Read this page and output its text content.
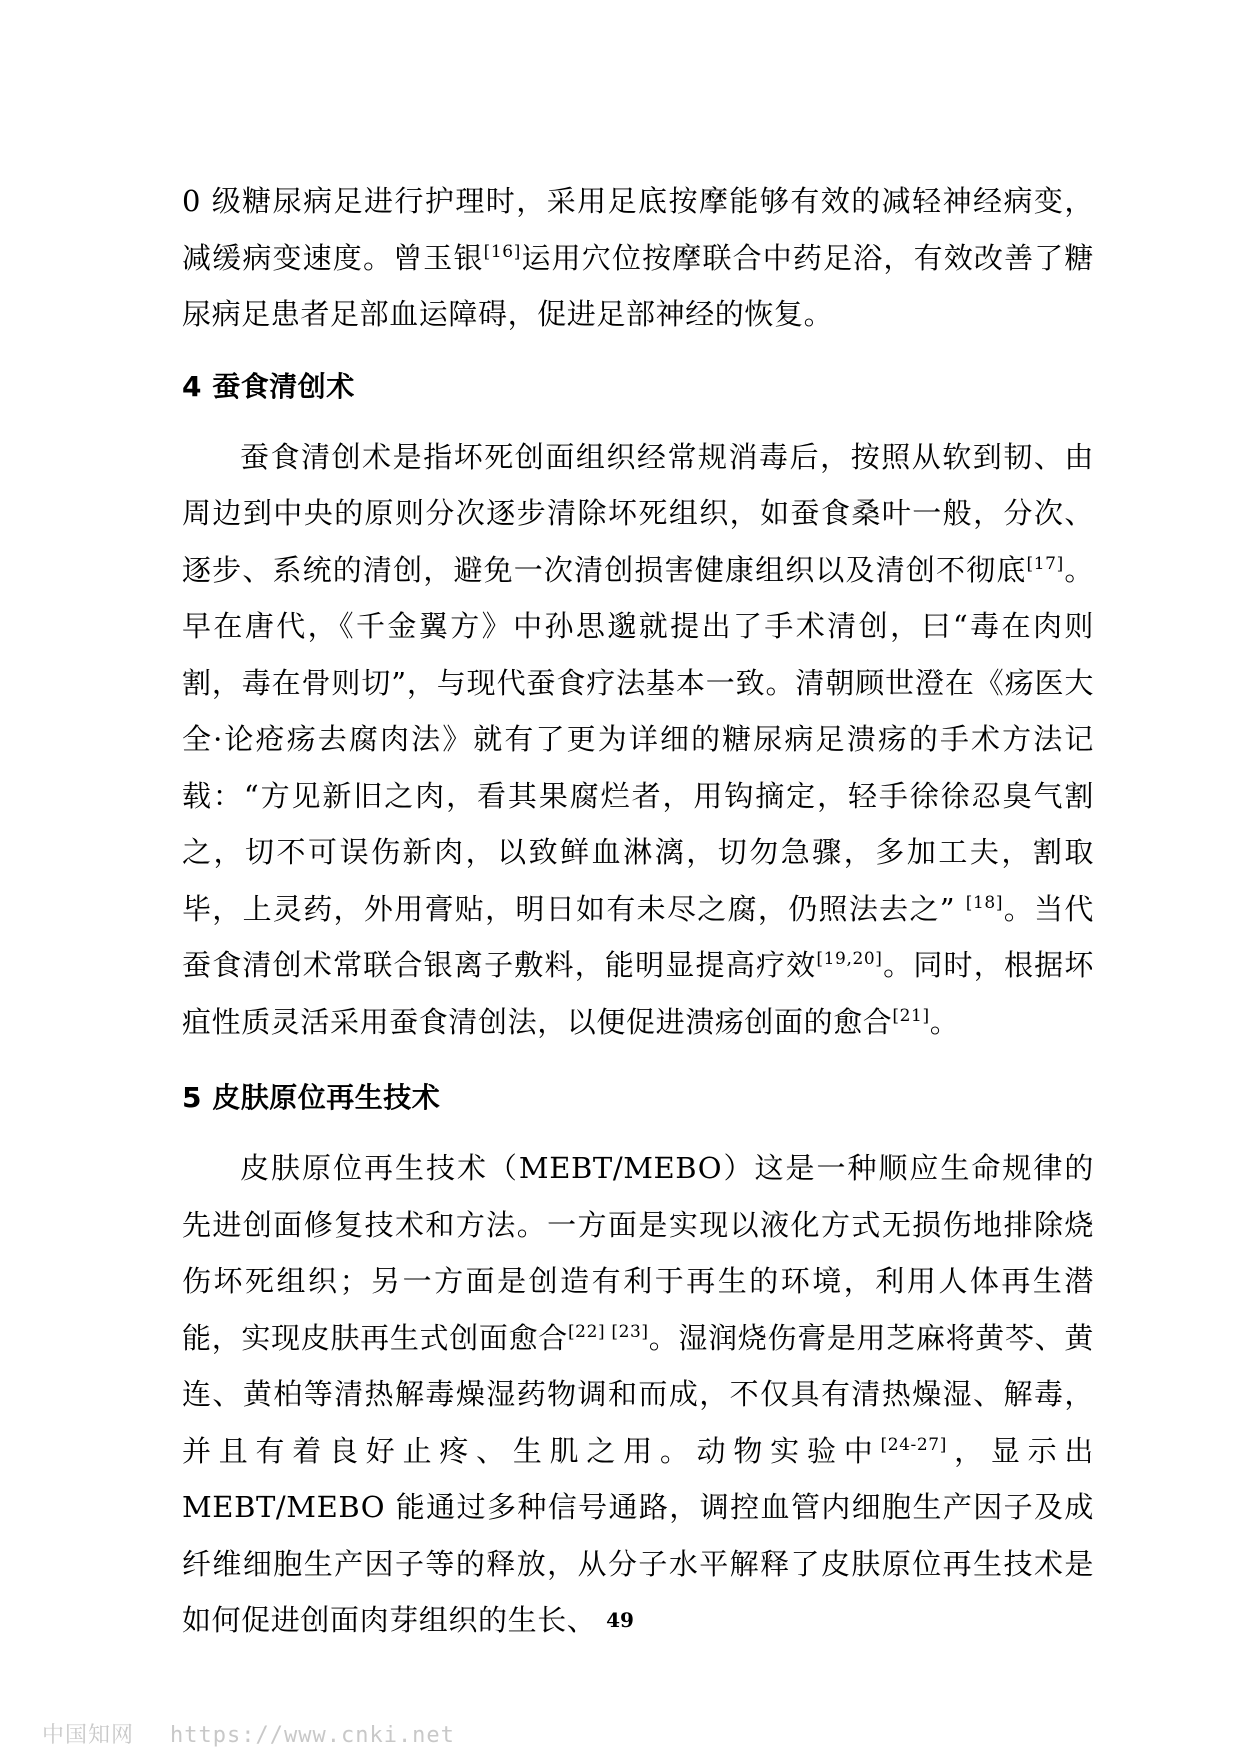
0 级糖尿病足进行护理时，采用足底按摩能够有效的减轻神经病变，减缓病变速度。曾玉银[16]运用穴位按摩联合中药足浴，有效改善了糖尿病足患者足部血运障碍，促进足部神经的恢复。

4 蚕食清创术

蚕食清创术是指坏死创面组织经常规消毒后，按照从软到韧、由周边到中央的原则分次逐步清除坏死组织，如蚕食桑叶一般，分次、逐步、系统的清创，避免一次清创损害健康组织以及清创不彻底[17]。早在唐代，《千金翼方》中孙思邈就提出了手术清创，曰“毒在肉则割，毒在骨则切”，与现代蚕食疗法基本一致。清朝顾世澄在《疡医大全·论疮疡去腐肉法》就有了更为详细的糖尿病足溃疡的手术方法记载：“方见新旧之肉，看其果腐烂者，用钩摘定，轻手徐徐忍臭气割之，切不可误伤新肉，以致鲜血淋漓，切勿急骤，多加工夫，割取毕，上灵药，外用膏贴，明日如有未尽之腐，仍照法去之” [18]。当代蚕食清创术常联合银离子敷料，能明显提高疗效[19,20]。同时，根据坏疽性质灵活采用蚕食清创法，以便促进溃疡创面的愈合[21]。

5 皮肤原位再生技术

皮肤原位再生技术（MEBT/MEBO）这是一种顺应生命规律的先进创面修复技术和方法。一方面是实现以液化方式无损伤地排除烧伤坏死组织；另一方面是创造有利于再生的环境，利用人体再生潜能，实现皮肤再生式创面愈合[22] [23]。湿润烧伤膏是用芝麻将黄芩、黄连、黄柏等清热解毒燥湿药物调和而成，不仅具有清热燥湿、解毒，并且有着良好止疼、生肌之用。动物实验中[24-27]，显示出 MEBT/MEBO 能通过多种信号通路，调控血管内细胞生产因子及成纤维细胞生产因子等的释放，从分子水平解释了皮肤原位再生技术是如何促进创面肉芽组织的生长、 49
中国知网 https://www.cnki.net
